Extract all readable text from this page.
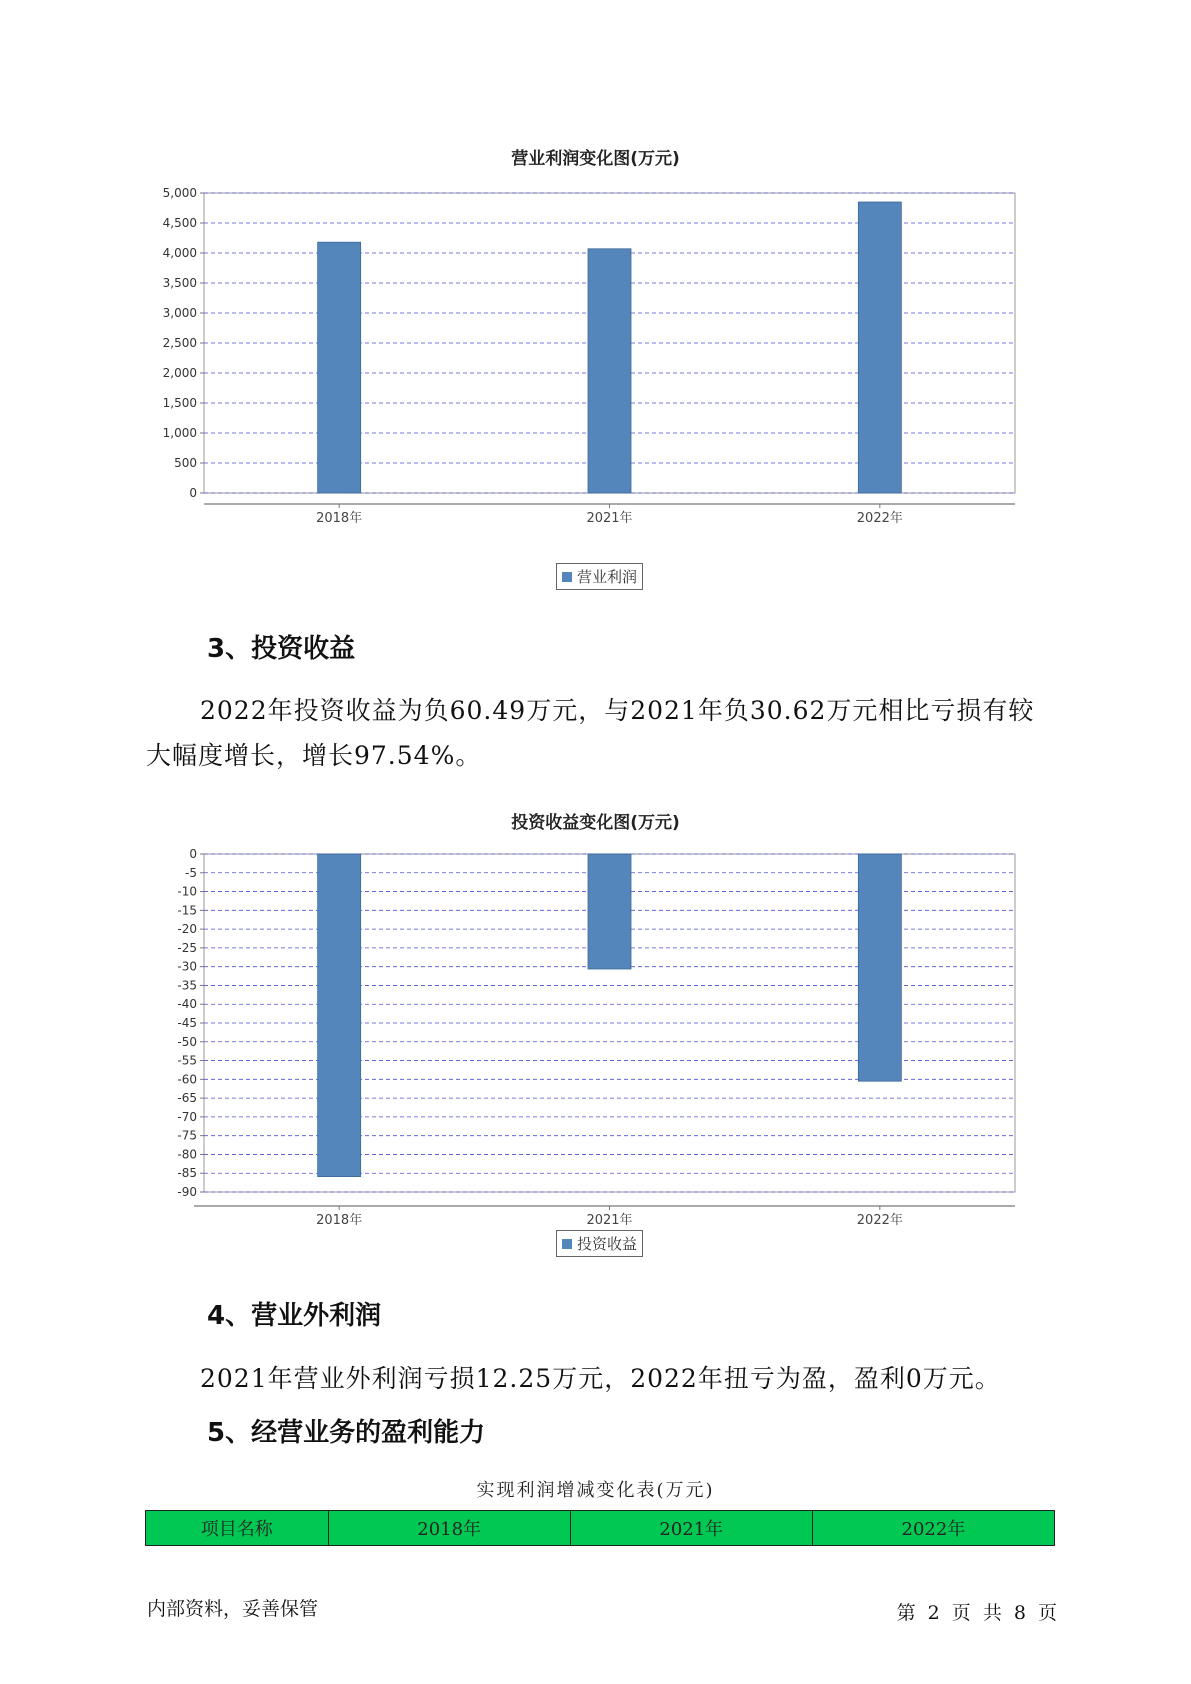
营业利润变化图(万元)
0
500
1,000
1,500
2,000
2,500
3,000
3,500
4,000
4,500
5,000
2018年	2021年	2022年
营业利润
3、投资收益
2022年投资收益为负60.49万元，与2021年负30.62万元相比亏损有较
大幅度增长，增长97.54%。
投资收益变化图(万元)
0
-5
-10
-15
-20
-25
-30
-35
-40
-45
-50
-55
-60
-65
-70
-75
-80
-85
-90
2018年	2021年	2022年
投资收益
4、营业外利润
2021年营业外利润亏损12.25万元，2022年扭亏为盈，盈利0万元。
5、经营业务的盈利能力
实现利润增减变化表(万元)
项目名称	2018年	2021年	2022年
内部资料，妥善保管	第 2 页 共 8 页
